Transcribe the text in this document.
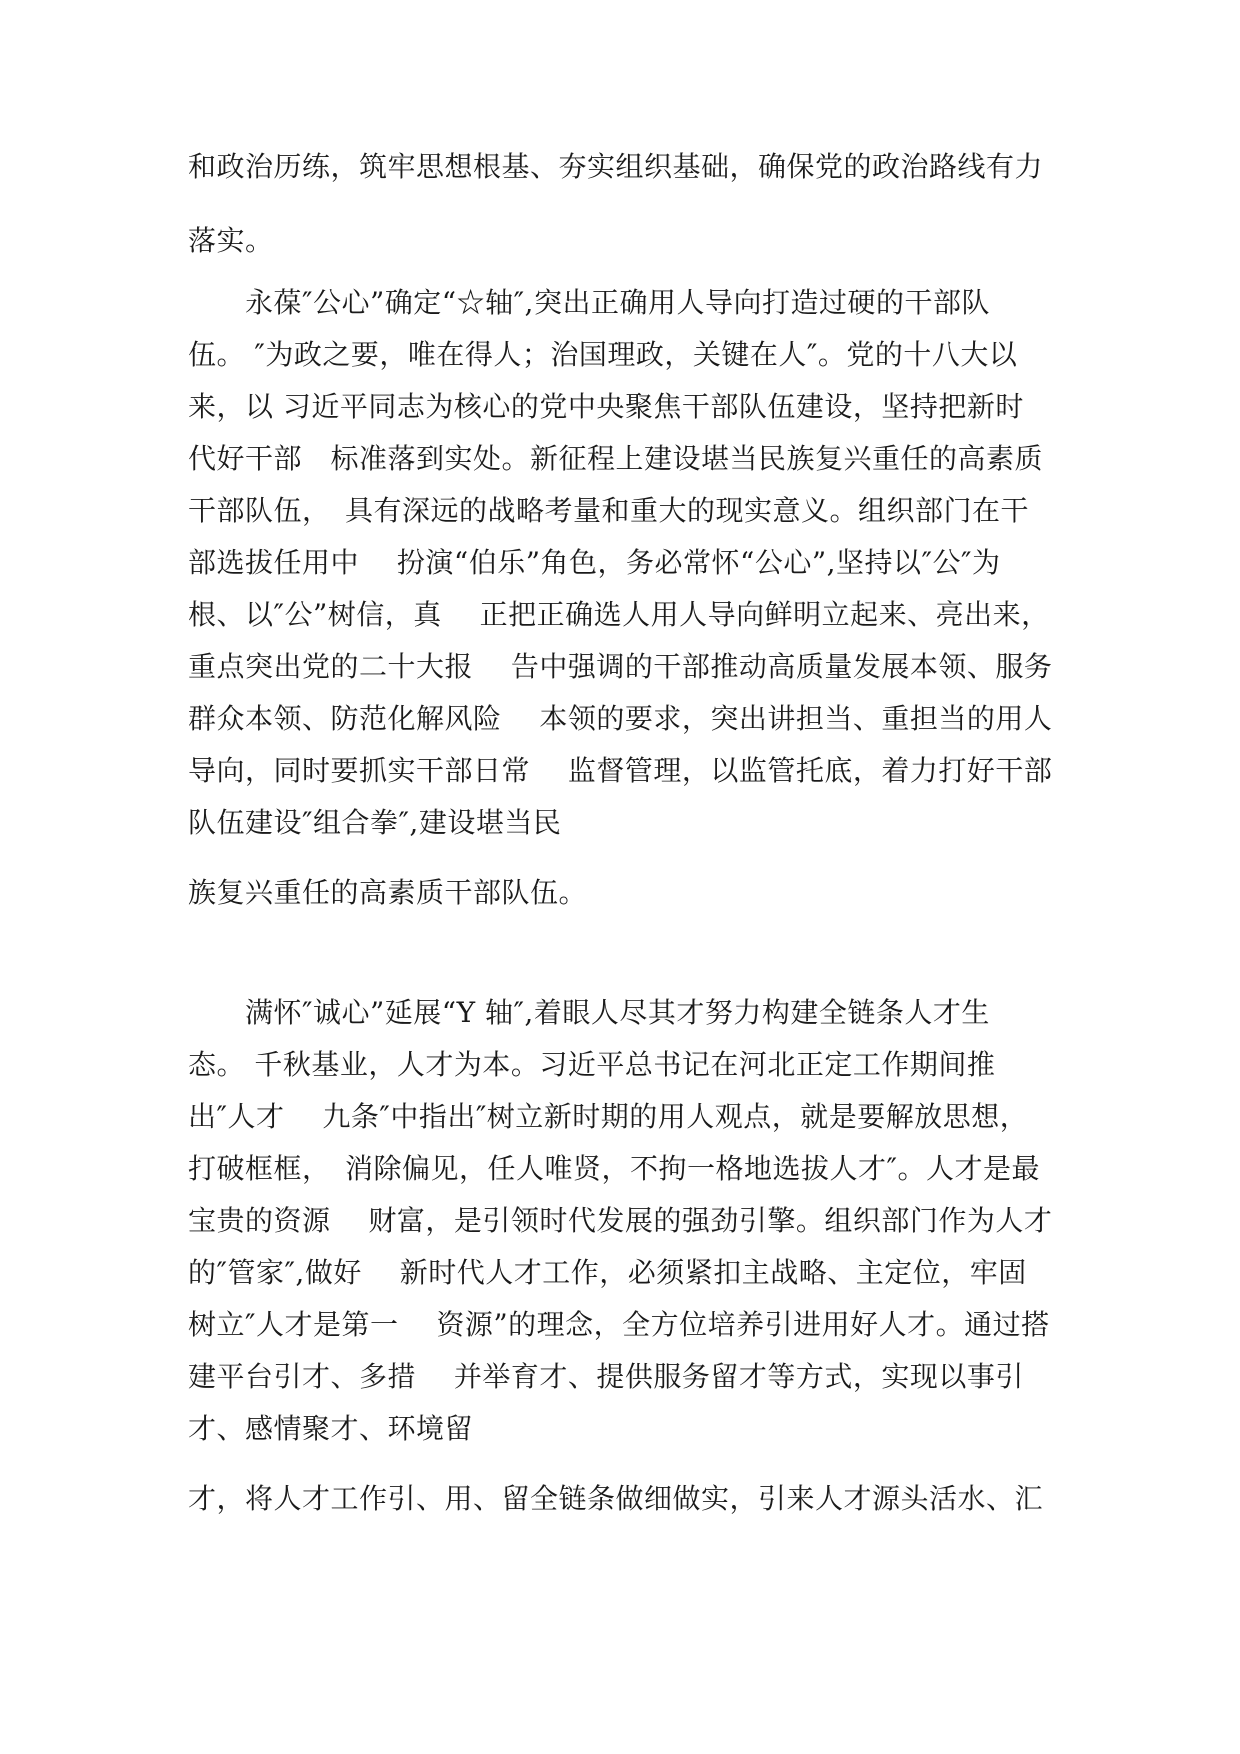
和政治历练，筑牢思想根基、夯实组织基础，确保党的政治路线有力
落实。
　　永葆″公心”确定“☆轴″,突出正确用人导向打造过硬的干部队
伍。 ″为政之要，唯在得人；治国理政，关键在人″。党的十八大以
来，以 习近平同志为核心的党中央聚焦干部队伍建设，坚持把新时
代好干部　标准落到实处。新征程上建设堪当民族复兴重任的高素质
干部队伍，　具有深远的战略考量和重大的现实意义。组织部门在干
部选拔任用中　 扮演“伯乐”角色，务必常怀“公心”,坚持以″公″为
根、以″公”树信，真　 正把正确选人用人导向鲜明立起来、亮出来，
重点突出党的二十大报　 告中强调的干部推动高质量发展本领、服务
群众本领、防范化解风险　 本领的要求，突出讲担当、重担当的用人
导向，同时要抓实干部日常　 监督管理，以监管托底，着力打好干部
队伍建设″组合拳″,建设堪当民
族复兴重任的高素质干部队伍。
　　满怀″诚心”延展“Y 轴″,着眼人尽其才努力构建全链条人才生
态。 千秋基业，人才为本。习近平总书记在河北正定工作期间推
出″人才　 九条″中指出″树立新时期的用人观点，就是要解放思想，
打破框框，　消除偏见，任人唯贤，不拘一格地选拔人才″。人才是最
宝贵的资源　 财富，是引领时代发展的强劲引擎。组织部门作为人才
的″管家″,做好　 新时代人才工作，必须紧扣主战略、主定位，牢固
树立″人才是第一　 资源”的理念，全方位培养引进用好人才。通过搭
建平台引才、多措　 并举育才、提供服务留才等方式，实现以事引
才、感情聚才、环境留
才，将人才工作引、用、留全链条做细做实，引来人才源头活水、汇
